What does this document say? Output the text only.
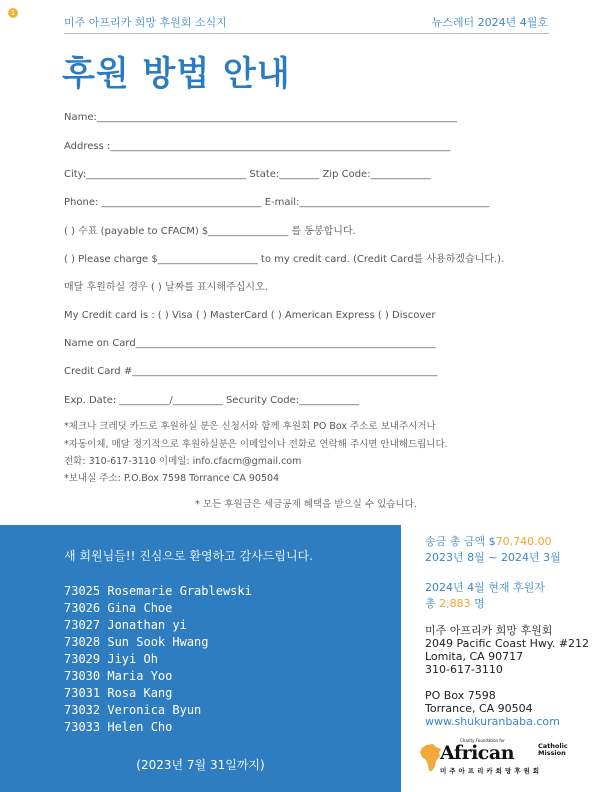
1
미주 아프리카 희망 후원회 소식지	뉴스레터 2024년 4월호
후원 방법 안내
Name:________________________________________________________________________
Address :____________________________________________________________________
City:________________________________ State:________ Zip Code:____________
Phone: ________________________________ E-mail:______________________________________
( ) 수표 (payable to CFACM) $________________ 를 동봉합니다.
( ) Please charge $____________________ to my credit card. (Credit Card를 사용하겠습니다.).
매달 후원하실 경우 ( ) 날짜를 표시해주십시오.
My Credit card is : ( ) Visa ( ) MasterCard ( ) American Express ( ) Discover
Name on Card____________________________________________________________
Credit Card #_____________________________________________________________
Exp. Date: __________/__________ Security Code:____________
*체크나 크레딧 카드로 후원하실 분은 신청서와 함께 후원회 PO Box 주소로 보내주시거나
*자동이체, 매달 정기적으로 후원하실분은 이메일이나 전화로 연락해 주시면 안내해드립니다.
전화: 310-617-3110 이메일: info.cfacm@gmail.com
*보내실 주소: P.O.Box 7598 Torrance CA 90504
* 모든 후원금은 세금공제 혜택을 받으실 수 있습니다.
새 회원님들!! 진심으로 환영하고 감사드립니다.
73025 Rosemarie Grablewski
73026 Gina Choe
73027 Jonathan yi
73028 Sun Sook Hwang
73029 Jiyi Oh
73030 Maria Yoo
73031 Rosa Kang
73032 Veronica Byun
73033 Helen Cho
(2023년 7월 31일까지)
송금 총 금액 $70,740.00
2023년 8월 ~ 2024년 3월
2024년 4월 현재 후원자
총 2,883 명
미주 아프리카 희망 후원회
2049 Pacific Coast Hwy. #212
Lomita, CA 90717
310-617-3110
PO Box 7598
Torrance, CA 90504
www.shukuranbaba.com
Charity Foundation for
African	Catholic
Mission
미주아프리카희망후원회
